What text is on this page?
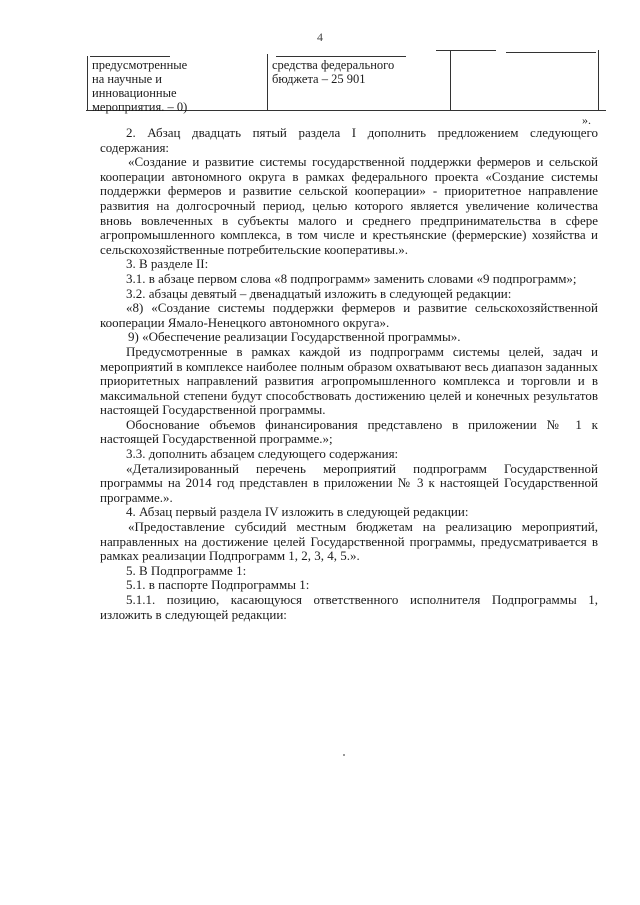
4
предусмотренные
на научные и
инновационные
мероприятия. – 0)
средства федерального
бюджета – 25 901
».

2. Абзац двадцать пятый раздела I дополнить предложением следующего содержания:

«Создание и развитие системы государственной поддержки фермеров и сельской кооперации автономного округа в рамках федерального проекта «Создание системы поддержки фермеров и развитие сельской кооперации» - приоритетное направление развития на долгосрочный период, целью которого является увеличение количества вновь вовлеченных в субъекты малого и среднего предпринимательства в сфере агропромышленного комплекса, в том числе и крестьянские (фермерские) хозяйства и сельскохозяйственные потребительские кооперативы.».

3. В разделе II:

3.1. в абзаце первом слова «8 подпрограмм» заменить словами «9 подпрограмм»;

3.2. абзацы девятый – двенадцатый изложить в следующей редакции:

«8) «Создание системы поддержки фермеров и развитие сельскохозяйственной кооперации Ямало-Ненецкого автономного округа».

9) «Обеспечение реализации Государственной программы».

Предусмотренные в рамках каждой из подпрограмм системы целей, задач и мероприятий в комплексе наиболее полным образом охватывают весь диапазон заданных приоритетных направлений развития агропромышленного комплекса и торговли и в максимальной степени будут способствовать достижению целей и конечных результатов настоящей Государственной программы.

Обоснование объемов финансирования представлено в приложении № 1 к настоящей Государственной программе.»;

3.3. дополнить абзацем следующего содержания:

«Детализированный перечень мероприятий подпрограмм Государственной программы на 2014 год представлен в приложении № 3 к настоящей Государственной программе.».

4. Абзац первый раздела IV изложить в следующей редакции:

«Предоставление субсидий местным бюджетам на реализацию мероприятий, направленных на достижение целей Государственной программы, предусматривается в рамках реализации Подпрограмм 1, 2, 3, 4, 5.».

5. В Подпрограмме 1:

5.1. в паспорте Подпрограммы 1:

5.1.1. позицию, касающуюся ответственного исполнителя Подпрограммы 1, изложить в следующей редакции:
